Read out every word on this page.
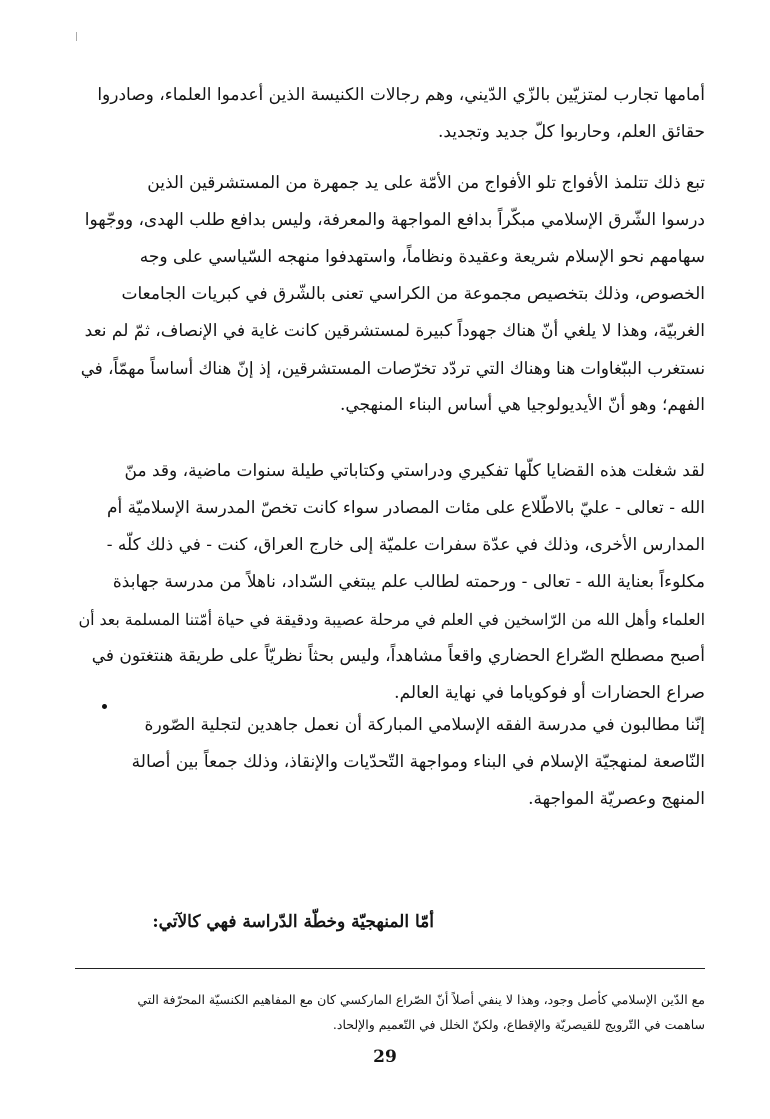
أمامها تجارب لمتزيّين بالزّي الدّيني، وهم رجالات الكنيسة الذين أعدموا العلماء، وصادروا
حقائق العلم، وحاربوا كلّ جديد وتجديد.
تبع ذلك تتلمذ الأفواج تلو الأفواج من الأمّة على يد جمهرة من المستشرقين الذين
درسوا الشّرق الإسلامي مبكّراً بدافع المواجهة والمعرفة، وليس بدافع طلب الهدى، ووجّهوا
سهامهم نحو الإسلام شريعة وعقيدة ونظاماً، واستهدفوا منهجه السّياسي على وجه
الخصوص، وذلك بتخصيص مجموعة من الكراسي تعنى بالشّرق في كبريات الجامعات
الغربيّة، وهذا لا يلغي أنّ هناك جهوداً كبيرة لمستشرقين كانت غاية في الإنصاف، ثمّ لم نعد
نستغرب الببّغاوات هنا وهناك التي تردّد تخرّصات المستشرقين، إذ إنّ هناك أساساً مهمّاً، في
الفهم؛ وهو أنّ الأيديولوجيا هي أساس البناء المنهجي.
لقد شغلت هذه القضايا كلّها تفكيري ودراستي وكتاباتي طيلة سنوات ماضية، وقد منّ
الله - تعالى - عليّ بالاطّلاع على مئات المصادر سواء كانت تخصّ المدرسة الإسلاميّة أم
المدارس الأخرى، وذلك في عدّة سفرات علميّة إلى خارج العراق، كنت - في ذلك كلّه -
مكلوءاً بعناية الله - تعالى - ورحمته لطالب علم يبتغي السّداد، ناهلاً من مدرسة جهابذة
العلماء وأهل الله من الرّاسخين في العلم في مرحلة عصيبة ودقيقة في حياة أمّتنا المسلمة بعد أن
أصبح مصطلح الصّراع الحضاري واقعاً مشاهداً، وليس بحثاً نظريّاً على طريقة هنتغتون في
صراع الحضارات أو فوكوياما في نهاية العالم.
إنّنا مطالبون في مدرسة الفقه الإسلامي المباركة أن نعمل جاهدين لتجلية الصّورة
النّاصعة لمنهجيّة الإسلام في البناء ومواجهة التّحدّيات والإنقاذ، وذلك جمعاً بين أصالة
المنهج وعصريّة المواجهة.
أمّا المنهجيّة وخطّة الدّراسة فهي كالآتي:
مع الدّين الإسلامي كأصل وجود، وهذا لا ينفي أصلاً أنّ الصّراع الماركسي كان مع المفاهيم الكنسيّة المحرّفة التي
ساهمت في التّرويج للقيصريّة والإقطاع، ولكنّ الخلل في التّعميم والإلحاد.
29
